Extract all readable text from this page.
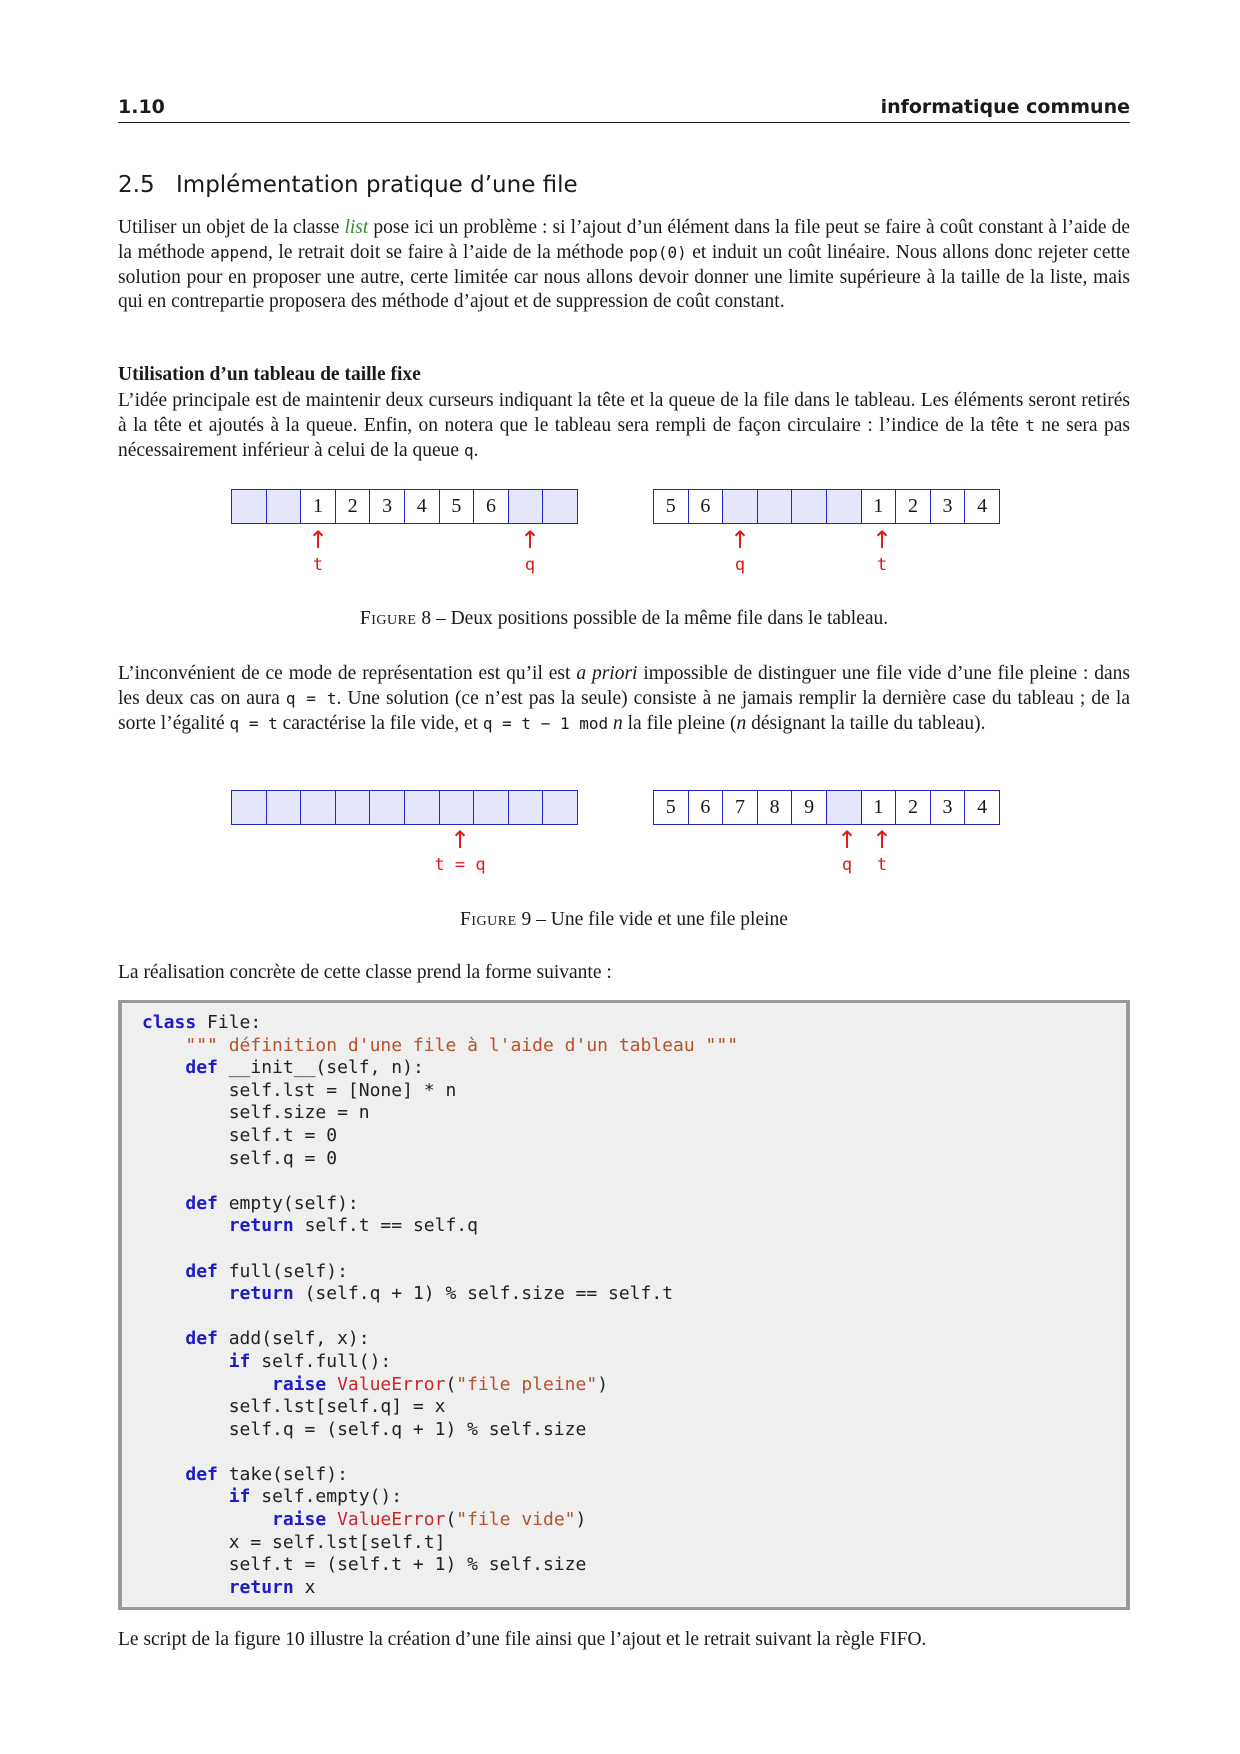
1.10	informatique commune
2.5 Implémentation pratique d’une file

Utiliser un objet de la classe list pose ici un problème : si l’ajout d’un élément dans la file peut se faire à coût constant à l’aide de la méthode append, le retrait doit se faire à l’aide de la méthode pop(0) et induit un coût linéaire. Nous allons donc rejeter cette solution pour en proposer une autre, certe limitée car nous allons devoir donner une limite supérieure à la taille de la liste, mais qui en contrepartie proposera des méthode d’ajout et de suppression de coût constant.

Utilisation d’un tableau de taille fixe

L’idée principale est de maintenir deux curseurs indiquant la tête et la queue de la file dans le tableau. Les éléments seront retirés à la tête et ajoutés à la queue. Enfin, on notera que le tableau sera rempli de façon circulaire : l’indice de la tête t ne sera pas nécessairement inférieur à celui de la queue q.

1	2	3	4	5	6	5	6	1	2	3	4
↑
t
↑
q
↑
q
↑
t

Figure 8 – Deux positions possible de la même file dans le tableau.

L’inconvénient de ce mode de représentation est qu’il est a priori impossible de distinguer une file vide d’une file pleine : dans les deux cas on aura q = t. Une solution (ce n’est pas la seule) consiste à ne jamais remplir la dernière case du tableau ; de la sorte l’égalité q = t caractérise la file vide, et q = t − 1 mod n la file pleine (n désignant la taille du tableau).

5	6	7	8	9	1	2	3	4
↑
t = q
↑
q
↑
t

Figure 9 – Une file vide et une file pleine

La réalisation concrète de cette classe prend la forme suivante :

class File:
""" définition d'une file à l'aide d'un tableau """
def __init__(self, n):
self.lst = [None] * n
self.size = n
self.t = 0
self.q = 0

def empty(self):
return self.t == self.q

def full(self):
return (self.q + 1) % self.size == self.t

def add(self, x):
if self.full():
raise ValueError("file pleine")
self.lst[self.q] = x
self.q = (self.q + 1) % self.size

def take(self):
if self.empty():
raise ValueError("file vide")
x = self.lst[self.t]
self.t = (self.t + 1) % self.size
return x

Le script de la figure 10 illustre la création d’une file ainsi que l’ajout et le retrait suivant la règle FIFO.
